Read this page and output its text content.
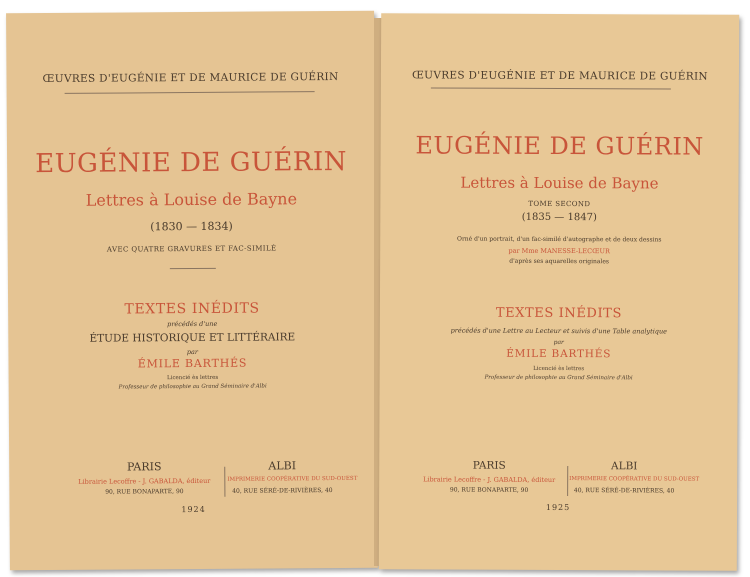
ŒUVRES D'EUGÉNIE ET DE MAURICE DE GUÉRIN
EUGÉNIE DE GUÉRIN
Lettres à Louise de Bayne
(1830 — 1834)
AVEC QUATRE GRAVURES ET FAC-SIMILÉ
TEXTES INÉDITS
précédés d'une
ÉTUDE HISTORIQUE ET LITTÉRAIRE
par
ÉMILE BARTHÉS
Licencié ès lettres
Professeur de philosophie au Grand Séminaire d'Albi
PARIS
Librairie Lecoffre - J. GABALDA, éditeur
90, RUE BONAPARTE, 90
ALBI
IMPRIMERIE COOPÉRATIVE DU SUD-OUEST
40, RUE SÉRÉ-DE-RIVIÈRES, 40
1924
ŒUVRES D'EUGÉNIE ET DE MAURICE DE GUÉRIN
EUGÉNIE DE GUÉRIN
Lettres à Louise de Bayne
TOME SECOND
(1835 — 1847)
Orné d'un portrait, d'un fac-similé d'autographe et de deux dessins
par Mme MANESSE-LECŒUR
d'après ses aquarelles originales
TEXTES INÉDITS
précédés d'une Lettre au Lecteur et suivis d'une Table analytique
par
ÉMILE BARTHÉS
Licencié ès lettres
Professeur de philosophie au Grand Séminaire d'Albi
PARIS
Librairie Lecoffre - J. GABALDA, éditeur
90, RUE BONAPARTE, 90
ALBI
IMPRIMERIE COOPÉRATIVE DU SUD-OUEST
40, RUE SÉRÉ-DE-RIVIÈRES, 40
1925
